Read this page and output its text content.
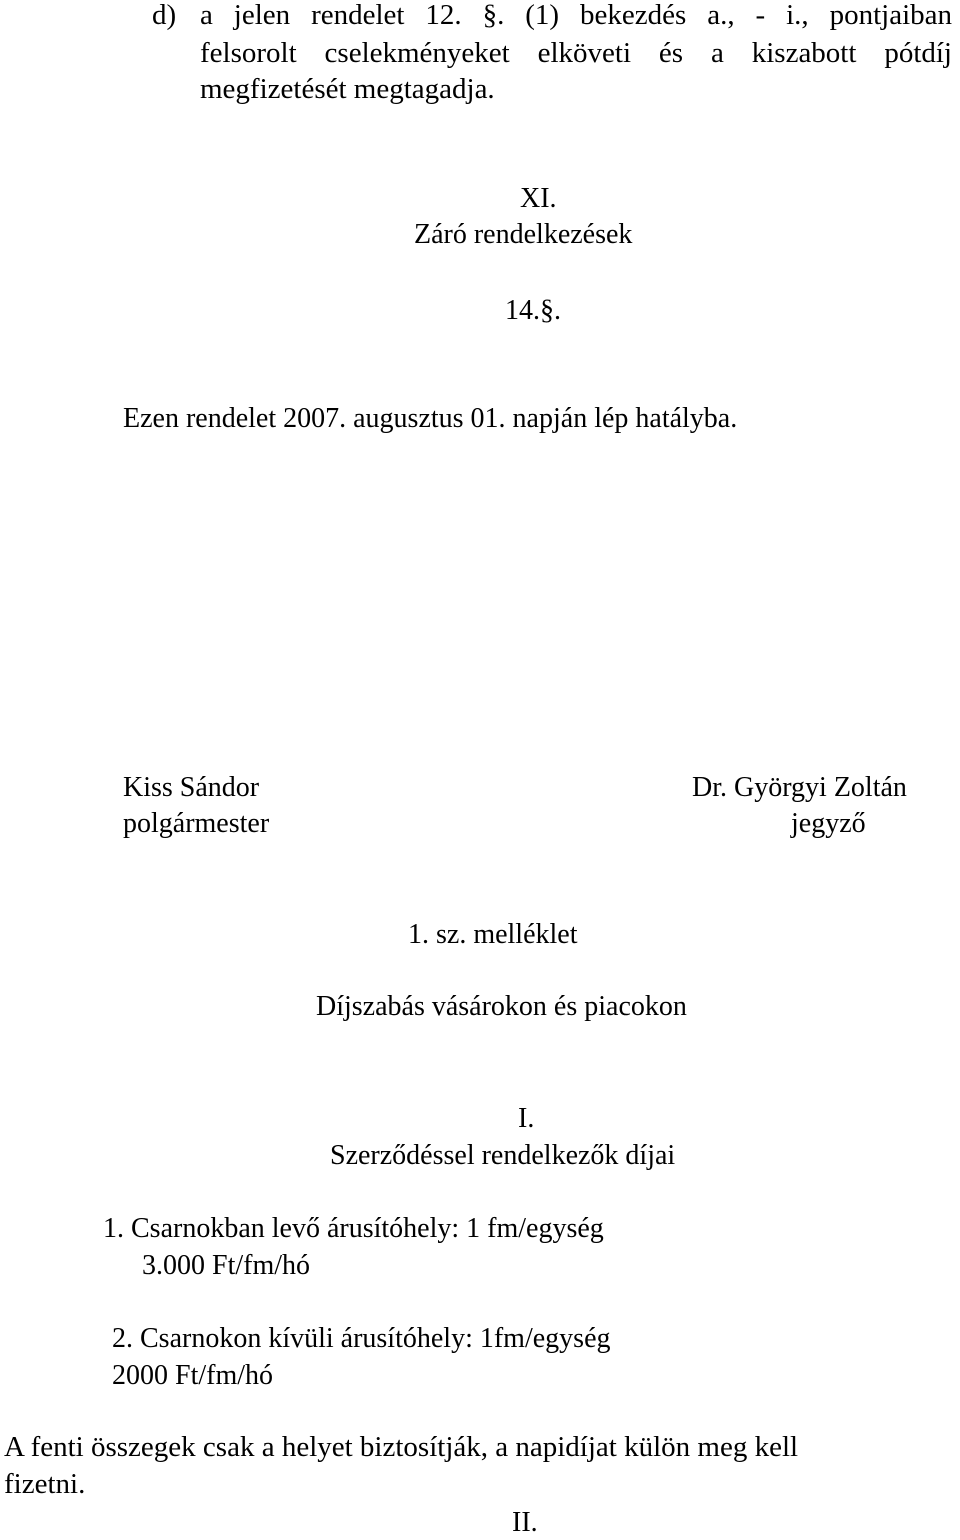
d) a jelen rendelet 12. §. (1) bekezdés a., - i., pontjaiban
felsorolt cselekményeket elköveti és a kiszabott pótdíj
megfizetését megtagadja.
XI.
Záró rendelkezések
14.§.
Ezen rendelet 2007. augusztus 01. napján lép hatályba.
Kiss Sándor
polgármester
Dr. Györgyi Zoltán
jegyző
1. sz. melléklet
Díjszabás vásárokon és piacokon
I.
Szerződéssel rendelkezők díjai
1. Csarnokban levő árusítóhely: 1 fm/egység
3.000 Ft/fm/hó
2. Csarnokon kívüli árusítóhely: 1fm/egység
2000 Ft/fm/hó
A fenti összegek csak a helyet biztosítják, a napidíjat külön meg kell
fizetni.
II.
